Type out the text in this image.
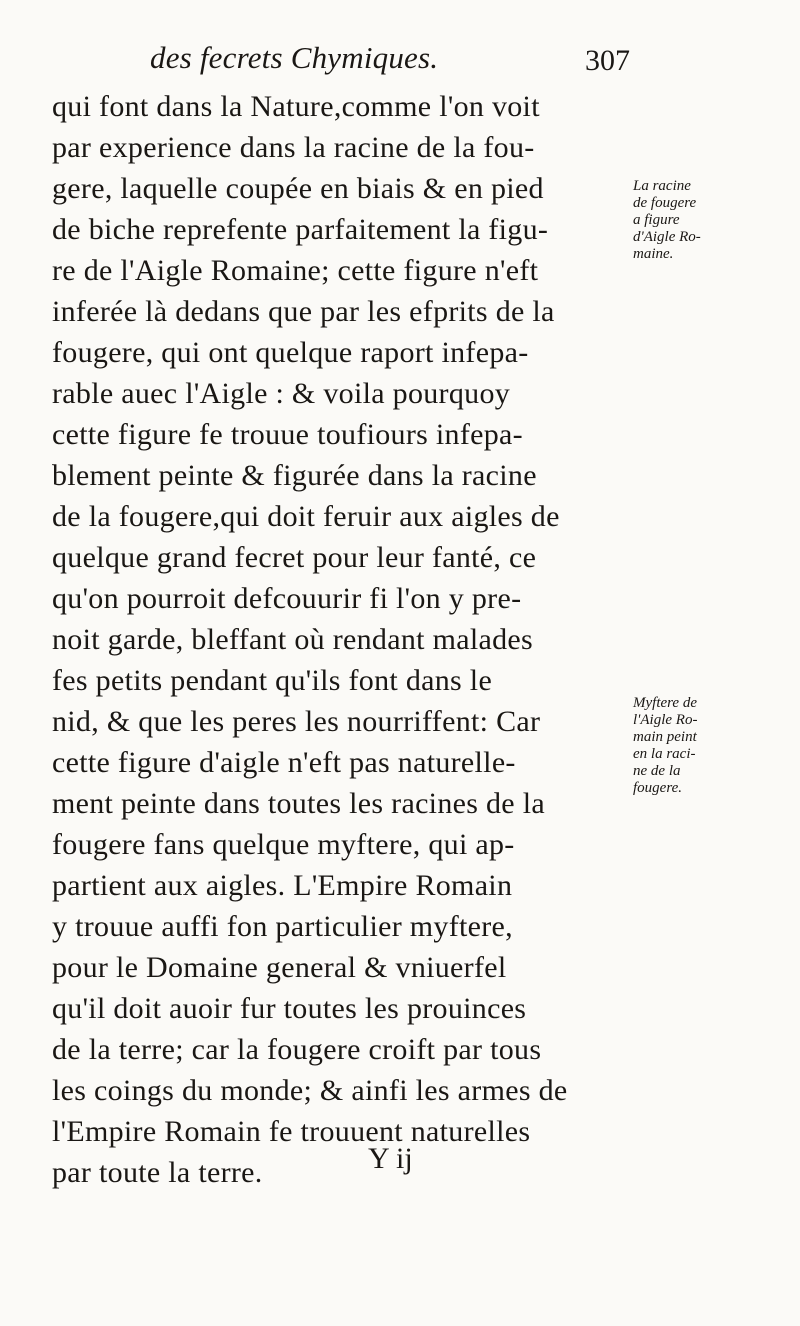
des fecrets Chymiques.	307
qui font dans la Nature,comme l'on voit
par experience dans la racine de la fou-
gere, laquelle coupée en biais & en pied
de biche reprefente parfaitement la figu-
re de l'Aigle Romaine; cette figure n'eft
inferée là dedans que par les efprits de la
fougere, qui ont quelque raport infepa-
rable auec l'Aigle : & voila pourquoy
cette figure fe trouue toufiours infepa-
blement peinte & figurée dans la racine
de la fougere,qui doit feruir aux aigles de
quelque grand fecret pour leur fanté, ce
qu'on pourroit defcouurir fi l'on y pre-
noit garde, bleffant où rendant malades
fes petits pendant qu'ils font dans le
nid, & que les peres les nourriffent: Car
cette figure d'aigle n'eft pas naturelle-
ment peinte dans toutes les racines de la
fougere fans quelque myftere, qui ap-
partient aux aigles. L'Empire Romain
y trouue auffi fon particulier myftere,
pour le Domaine general & vniuerfel
qu'il doit auoir fur toutes les prouinces
de la terre; car la fougere croift par tous
les coings du monde; & ainfi les armes de
l'Empire Romain fe trouuent naturelles
par toute la terre.
La racine
de fougere
a figure
d'Aigle Ro-
maine.
Myftere de
l'Aigle Ro-
main peint
en la raci-
ne de la
fougere.
Y ij
